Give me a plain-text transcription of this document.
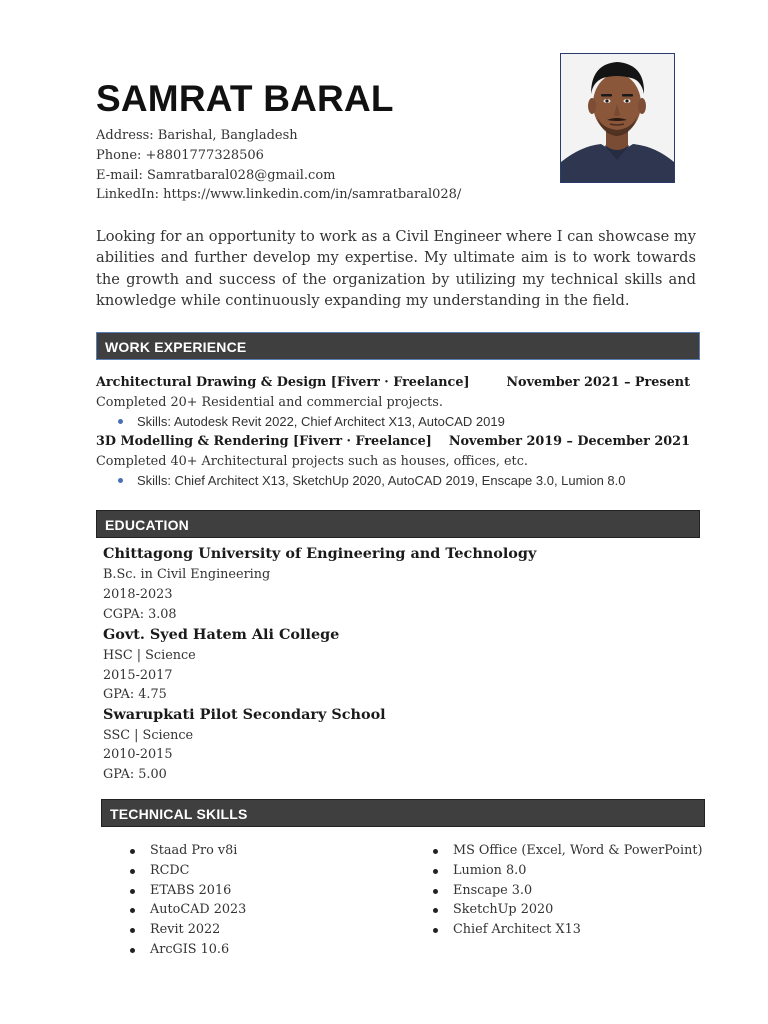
SAMRAT BARAL
Address: Barishal, Bangladesh
Phone: +8801777328506
E-mail: Samratbaral028@gmail.com
LinkedIn: https://www.linkedin.com/in/samratbaral028/
Looking for an opportunity to work as a Civil Engineer where I can showcase my abilities and further develop my expertise. My ultimate aim is to work towards the growth and success of the organization by utilizing my technical skills and knowledge while continuously expanding my understanding in the field.
WORK EXPERIENCE
Architectural Drawing & Design [Fiverr · Freelance]	November 2021 – Present
Completed 20+ Residential and commercial projects.
Skills: Autodesk Revit 2022, Chief Architect X13, AutoCAD 2019
3D Modelling & Rendering [Fiverr · Freelance] November 2019 – December 2021
Completed 40+ Architectural projects such as houses, offices, etc.
Skills: Chief Architect X13, SketchUp 2020, AutoCAD 2019, Enscape 3.0, Lumion 8.0
EDUCATION
Chittagong University of Engineering and Technology
B.Sc. in Civil Engineering
2018-2023
CGPA: 3.08
Govt. Syed Hatem Ali College
HSC | Science
2015-2017
GPA: 4.75
Swarupkati Pilot Secondary School
SSC | Science
2010-2015
GPA: 5.00
TECHNICAL SKILLS
Staad Pro v8i
RCDC
ETABS 2016
AutoCAD 2023
Revit 2022
ArcGIS 10.6
MS Office (Excel, Word & PowerPoint)
Lumion 8.0
Enscape 3.0
SketchUp 2020
Chief Architect X13
